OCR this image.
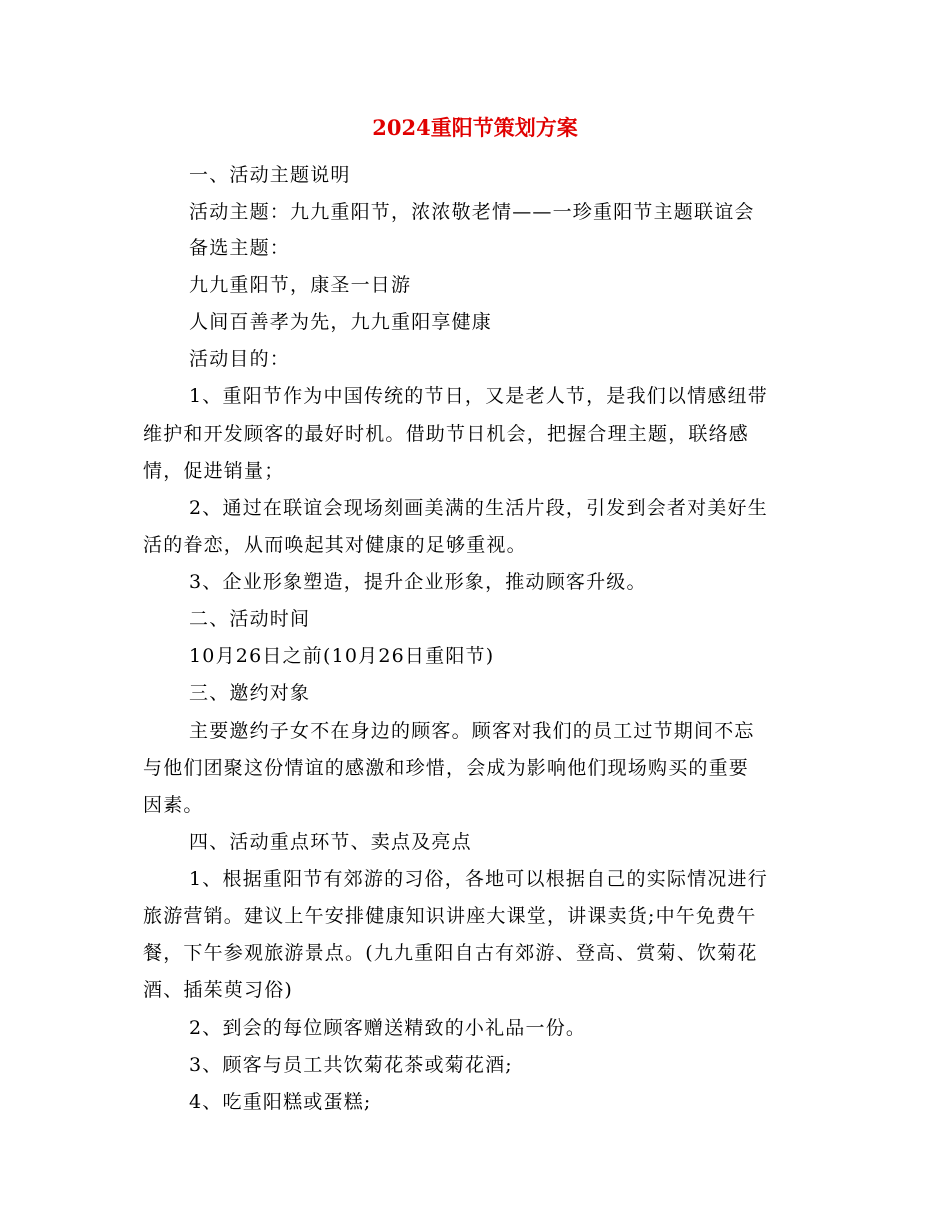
2024重阳节策划方案
一、活动主题说明
活动主题：九九重阳节，浓浓敬老情——一珍重阳节主题联谊会
备选主题：
九九重阳节，康圣一日游
人间百善孝为先，九九重阳享健康
活动目的：
1、重阳节作为中国传统的节日，又是老人节，是我们以情感纽带
维护和开发顾客的最好时机。借助节日机会，把握合理主题，联络感
情，促进销量；
2、通过在联谊会现场刻画美满的生活片段，引发到会者对美好生
活的眷恋，从而唤起其对健康的足够重视。
3、企业形象塑造，提升企业形象，推动顾客升级。
二、活动时间
10月26日之前(10月26日重阳节)
三、邀约对象
主要邀约子女不在身边的顾客。顾客对我们的员工过节期间不忘
与他们团聚这份情谊的感激和珍惜，会成为影响他们现场购买的重要
因素。
四、活动重点环节、卖点及亮点
1、根据重阳节有郊游的习俗，各地可以根据自己的实际情况进行
旅游营销。建议上午安排健康知识讲座大课堂，讲课卖货;中午免费午
餐，下午参观旅游景点。(九九重阳自古有郊游、登高、赏菊、饮菊花
酒、插茱萸习俗)
2、到会的每位顾客赠送精致的小礼品一份。
3、顾客与员工共饮菊花茶或菊花酒;
4、吃重阳糕或蛋糕;
